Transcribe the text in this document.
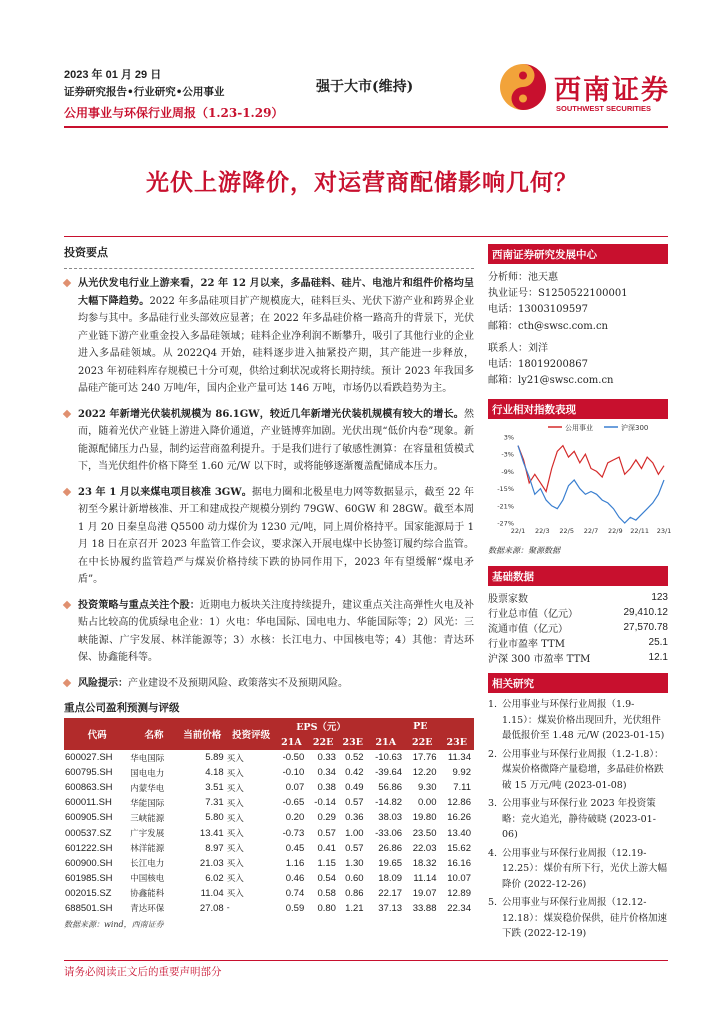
2023 年 01 月 29 日
证券研究报告•行业研究•公用事业
公用事业与环保行业周报（1.23-1.29）
强于大市(维持)	西南证券
SOUTHWEST SECURITIES
光伏上游降价，对运营商配储影响几何？
投资要点
从光伏发电行业上游来看，22 年 12 月以来，多晶硅料、硅片、电池片和组件价格均呈大幅下降趋势。2022 年多晶硅项目扩产规模庞大，硅料巨头、光伏下游产业和跨界企业均参与其中。多晶硅行业头部效应显著；在 2022 年多晶硅价格一路高升的背景下，光伏产业链下游产业重金投入多晶硅领域；硅料企业净利润不断攀升，吸引了其他行业的企业进入多晶硅领域。从 2022Q4 开始，硅料逐步进入抽紧投产期，其产能进一步释放，2023 年初硅料库存规模已十分可观，供给过剩状况或将长期持续。预计 2023 年我国多晶硅产能可达 240 万吨/年，国内企业产量可达 146 万吨，市场仍以看跌趋势为主。
2022 年新增光伏装机规模为 86.1GW，较近几年新增光伏装机规模有较大的增长。然而，随着光伏产业链上游进入降价通道，产业链博弈加剧。光伏出现“低价内卷”现象。新能源配储压力凸显，制约运营商盈利提升。于是我们进行了敏感性测算：在容量租赁模式下，当光伏组件价格下降至 1.60 元/W 以下时，或将能够逐渐覆盖配储成本压力。
23 年 1 月以来煤电项目核准 3GW。据电力圈和北极星电力网等数据显示，截至 22 年初至今累计新增核准、开工和建成投产规模分别约 79GW、60GW 和 28GW。截至本周 1 月 20 日秦皇岛港 Q5500 动力煤价为 1230 元/吨，同上周价格持平。国家能源局于 1 月 18 日在京召开 2023 年监管工作会议，要求深入开展电煤中长协签订履约综合监管。在中长协履约监管趋严与煤炭价格持续下跌的协同作用下，2023 年有望缓解“煤电矛盾”。
投资策略与重点关注个股：近期电力板块关注度持续提升，建议重点关注高弹性火电及补贴占比较高的优质绿电企业：1）火电：华电国际、国电电力、华能国际等；2）风光：三峡能源、广宇发展、林洋能源等；3）水核：长江电力、中国核电等；4）其他：青达环保、协鑫能科等。
风险提示：产业建设不及预期风险、政策落实不及预期风险。
重点公司盈利预测与评级
代码	名称	当前价格	投资评级	EPS（元）			PE		
				21A	22E	23E	21A	22E	23E
600027.SH	华电国际	5.89	买入	-0.50	0.33	0.52	-10.63	17.76	11.34
600795.SH	国电电力	4.18	买入	-0.10	0.34	0.42	-39.64	12.20	9.92
600863.SH	内蒙华电	3.51	买入	0.07	0.38	0.49	56.86	9.30	7.11
600011.SH	华能国际	7.31	买入	-0.65	-0.14	0.57	-14.82	0.00	12.86
600905.SH	三峡能源	5.80	买入	0.20	0.29	0.36	38.03	19.80	16.26
000537.SZ	广宇发展	13.41	买入	-0.73	0.57	1.00	-33.06	23.50	13.40
601222.SH	林洋能源	8.97	买入	0.45	0.41	0.57	26.86	22.03	15.62
600900.SH	长江电力	21.03	买入	1.16	1.15	1.30	19.65	18.32	16.16
601985.SH	中国核电	6.02	买入	0.46	0.54	0.60	18.09	11.14	10.07
002015.SZ	协鑫能科	11.04	买入	0.74	0.58	0.86	22.17	19.07	12.89
688501.SH	青达环保	27.08	-	0.59	0.80	1.21	37.13	33.88	22.34
数据来源：wind，西南证券
西南证券研究发展中心
分析师：池天惠
执业证号：S1250522100001
电话：13003109597
邮箱：cth@swsc.com.cn
联系人：刘洋
电话：18019200867
邮箱：ly21@swsc.com.cn
行业相对指数表现
公用事业	沪深300
3%
-3%
-9%
-15%
-21%
-27%
22/1 22/3 22/5 22/7 22/9 22/11 23/1
数据来源：聚源数据
基础数据
股票家数	123
行业总市值（亿元）	29,410.12
流通市值（亿元）	27,570.78
行业市盈率 TTM	25.1
沪深 300 市盈率 TTM	12.1
相关研究
1. 公用事业与环保行业周报（1.9-1.15）：煤炭价格出现回升，光伏组件最低报价至 1.48 元/W (2023-01-15)
2. 公用事业与环保行业周报（1.2-1.8）：煤炭价格微降产量稳增，多晶硅价格跌破 15 万元/吨 (2023-01-08)
3. 公用事业与环保行业 2023 年投资策略：竞火追光，静待破晓 (2023-01-06)
4. 公用事业与环保行业周报（12.19-12.25）：煤价有所下行，光伏上游大幅降价 (2022-12-26)
5. 公用事业与环保行业周报（12.12-12.18）：煤炭稳价保供，硅片价格加速下跌 (2022-12-19)
请务必阅读正文后的重要声明部分
